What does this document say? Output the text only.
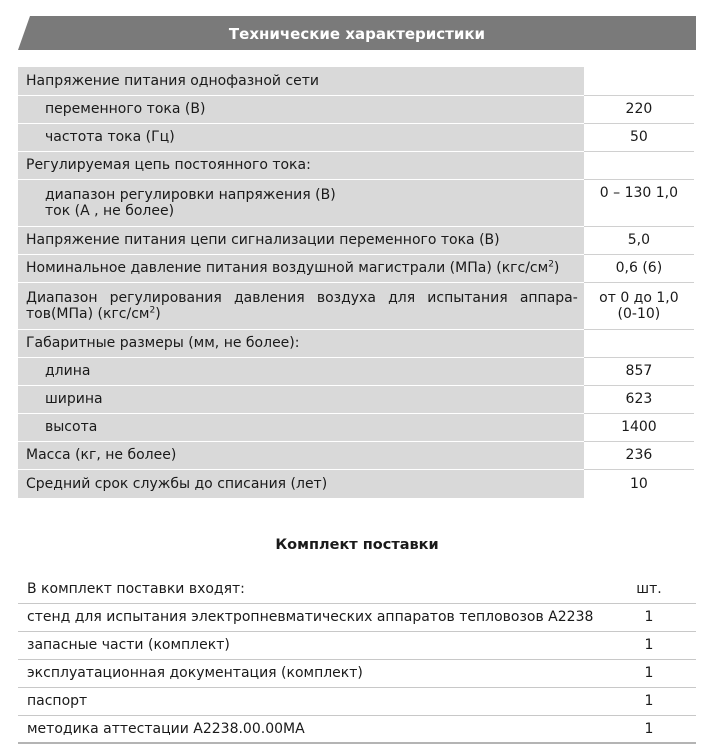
Технические характеристики
Напряжение питания однофазной сети	
переменного тока (В)	220
частота тока (Гц)	50
Регулируемая цепь постоянного тока:	

диапазон регулировки напряжения (В)
ток (А , не более)	0 – 130 1,0
Напряжение питания цепи сигнализации переменного тока (В)	5,0
Номинальное давление питания воздушной магистрали (МПа) $(кгс/см^2)$	0,6 (6)
Диапазон регулирования давления воздуха для испытания аппара-тов(МПа) $(кгс/см^2)$	от 0 до 1,0
(0-10)

Габаритные размеры (мм, не более):	
длина	857
ширина	623
высота	1400
Масса (кг, не более)	236
Средний срок службы до списания (лет)	10
Комплект поставки
В комплект поставки входят:	шт.
стенд для испытания электропневматических аппаратов тепловозов А2238	1
запасные части (комплект)	1
эксплуатационная документация (комплект)	1
паспорт	1
методика аттестации А2238.00.00МА	1
